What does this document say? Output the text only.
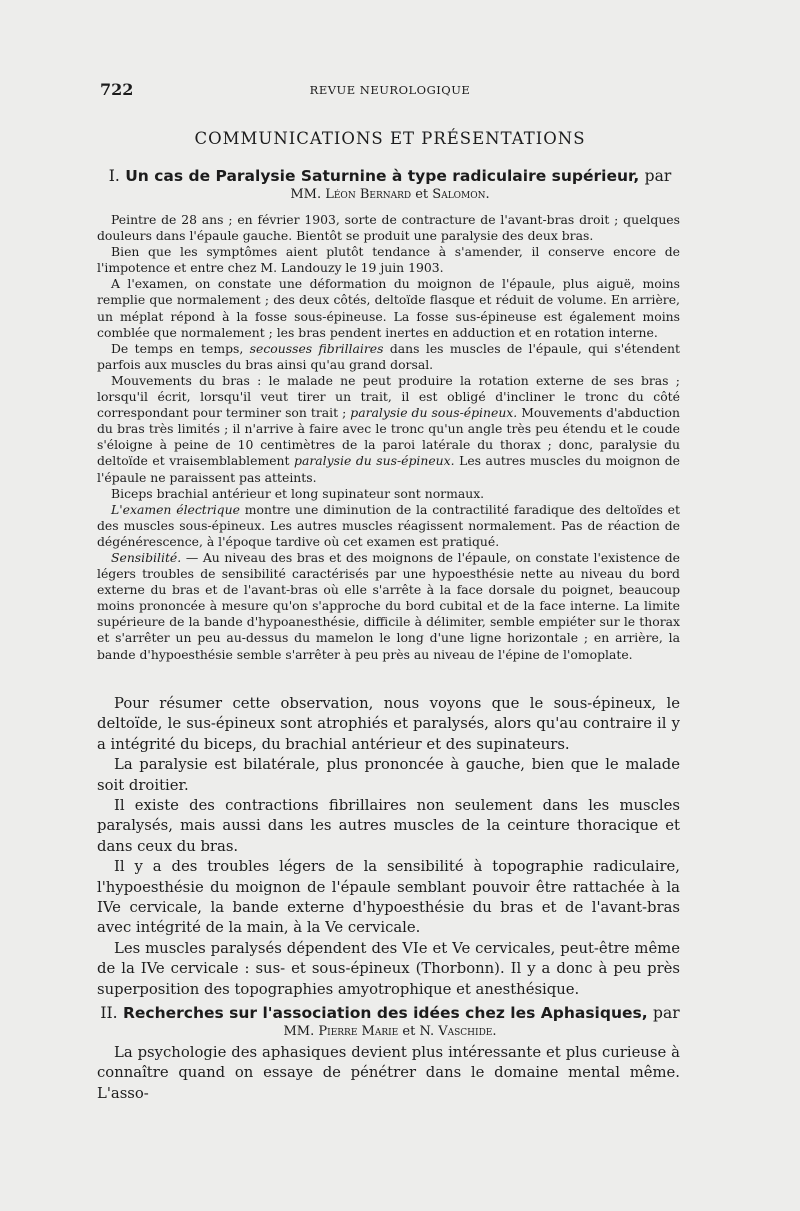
722	REVUE NEUROLOGIQUE
COMMUNICATIONS ET PRÉSENTATIONS
I. Un cas de Paralysie Saturnine à type radiculaire supérieur, par
MM. Léon Bernard et Salomon.

Peintre de 28 ans ; en février 1903, sorte de contracture de l'avant-bras droit ; quelques douleurs dans l'épaule gauche. Bientôt se produit une paralysie des deux bras.

Bien que les symptômes aient plutôt tendance à s'amender, il conserve encore de l'impotence et entre chez M. Landouzy le 19 juin 1903.

A l'examen, on constate une déformation du moignon de l'épaule, plus aiguë, moins remplie que normalement ; des deux côtés, deltoïde flasque et réduit de volume. En arrière, un méplat répond à la fosse sous-épineuse. La fosse sus-épineuse est également moins comblée que normalement ; les bras pendent inertes en adduction et en rotation interne.

De temps en temps, secousses fibrillaires dans les muscles de l'épaule, qui s'étendent parfois aux muscles du bras ainsi qu'au grand dorsal.

Mouvements du bras : le malade ne peut produire la rotation externe de ses bras ; lorsqu'il écrit, lorsqu'il veut tirer un trait, il est obligé d'incliner le tronc du côté correspondant pour terminer son trait ; paralysie du sous-épineux. Mouvements d'abduction du bras très limités ; il n'arrive à faire avec le tronc qu'un angle très peu étendu et le coude s'éloigne à peine de 10 centimètres de la paroi latérale du thorax ; donc, paralysie du deltoïde et vraisemblablement paralysie du sus-épineux. Les autres muscles du moignon de l'épaule ne paraissent pas atteints.

Biceps brachial antérieur et long supinateur sont normaux.

L'examen électrique montre une diminution de la contractilité faradique des deltoïdes et des muscles sous-épineux. Les autres muscles réagissent normalement. Pas de réaction de dégénérescence, à l'époque tardive où cet examen est pratiqué.

Sensibilité. — Au niveau des bras et des moignons de l'épaule, on constate l'existence de légers troubles de sensibilité caractérisés par une hypoesthésie nette au niveau du bord externe du bras et de l'avant-bras où elle s'arrête à la face dorsale du poignet, beaucoup moins prononcée à mesure qu'on s'approche du bord cubital et de la face interne. La limite supérieure de la bande d'hypoanesthésie, difficile à délimiter, semble empiéter sur le thorax et s'arrêter un peu au-dessus du mamelon le long d'une ligne horizontale ; en arrière, la bande d'hypoesthésie semble s'arrêter à peu près au niveau de l'épine de l'omoplate.

Pour résumer cette observation, nous voyons que le sous-épineux, le deltoïde, le sus-épineux sont atrophiés et paralysés, alors qu'au contraire il y a intégrité du biceps, du brachial antérieur et des supinateurs.

La paralysie est bilatérale, plus prononcée à gauche, bien que le malade soit droitier.

Il existe des contractions fibrillaires non seulement dans les muscles paralysés, mais aussi dans les autres muscles de la ceinture thoracique et dans ceux du bras.

Il y a des troubles légers de la sensibilité à topographie radiculaire, l'hypoesthésie du moignon de l'épaule semblant pouvoir être rattachée à la IVe cervicale, la bande externe d'hypoesthésie du bras et de l'avant-bras avec intégrité de la main, à la Ve cervicale.

Les muscles paralysés dépendent des VIe et Ve cervicales, peut-être même de la IVe cervicale : sus- et sous-épineux (Thorbonn). Il y a donc à peu près superposition des topographies amyotrophique et anesthésique.

II. Recherches sur l'association des idées chez les Aphasiques, par
MM. Pierre Marie et N. Vaschide.

La psychologie des aphasiques devient plus intéressante et plus curieuse à connaître quand on essaye de pénétrer dans le domaine mental même. L'asso-
